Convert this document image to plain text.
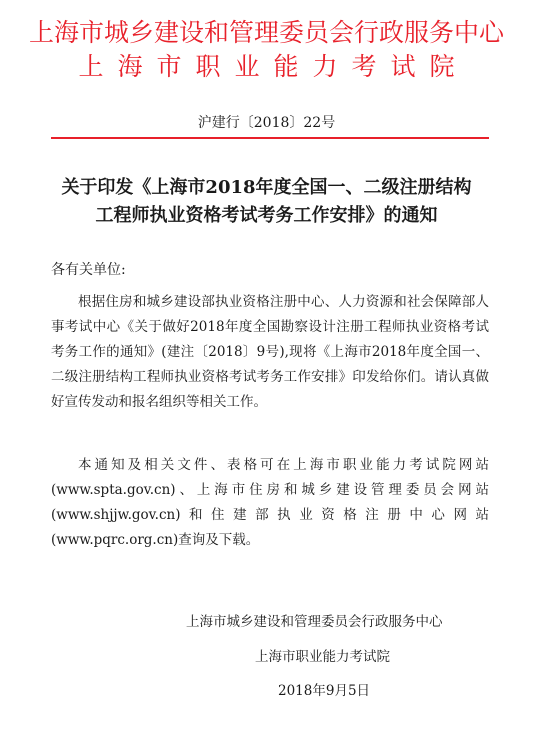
上海市城乡建设和管理委员会行政服务中心
上海市职业能力考试院
沪建行〔2018〕22号
关于印发《上海市2018年度全国一、二级注册结构
工程师执业资格考试考务工作安排》的通知
各有关单位:
根据住房和城乡建设部执业资格注册中心、人力资源和社会保障部人事考试中心《关于做好2018年度全国勘察设计注册工程师执业资格考试考务工作的通知》(建注〔2018〕9号),现将《上海市2018年度全国一、二级注册结构工程师执业资格考试考务工作安排》印发给你们。请认真做好宣传发动和报名组织等相关工作。
本通知及相关文件、表格可在上海市职业能力考试院网站(www.spta.gov.cn)、上海市住房和城乡建设管理委员会网站(www.shjjw.gov.cn)和住建部执业资格注册中心网站(www.pqrc.org.cn)查询及下载。
上海市城乡建设和管理委员会行政服务中心
上海市职业能力考试院
2018年9月5日
